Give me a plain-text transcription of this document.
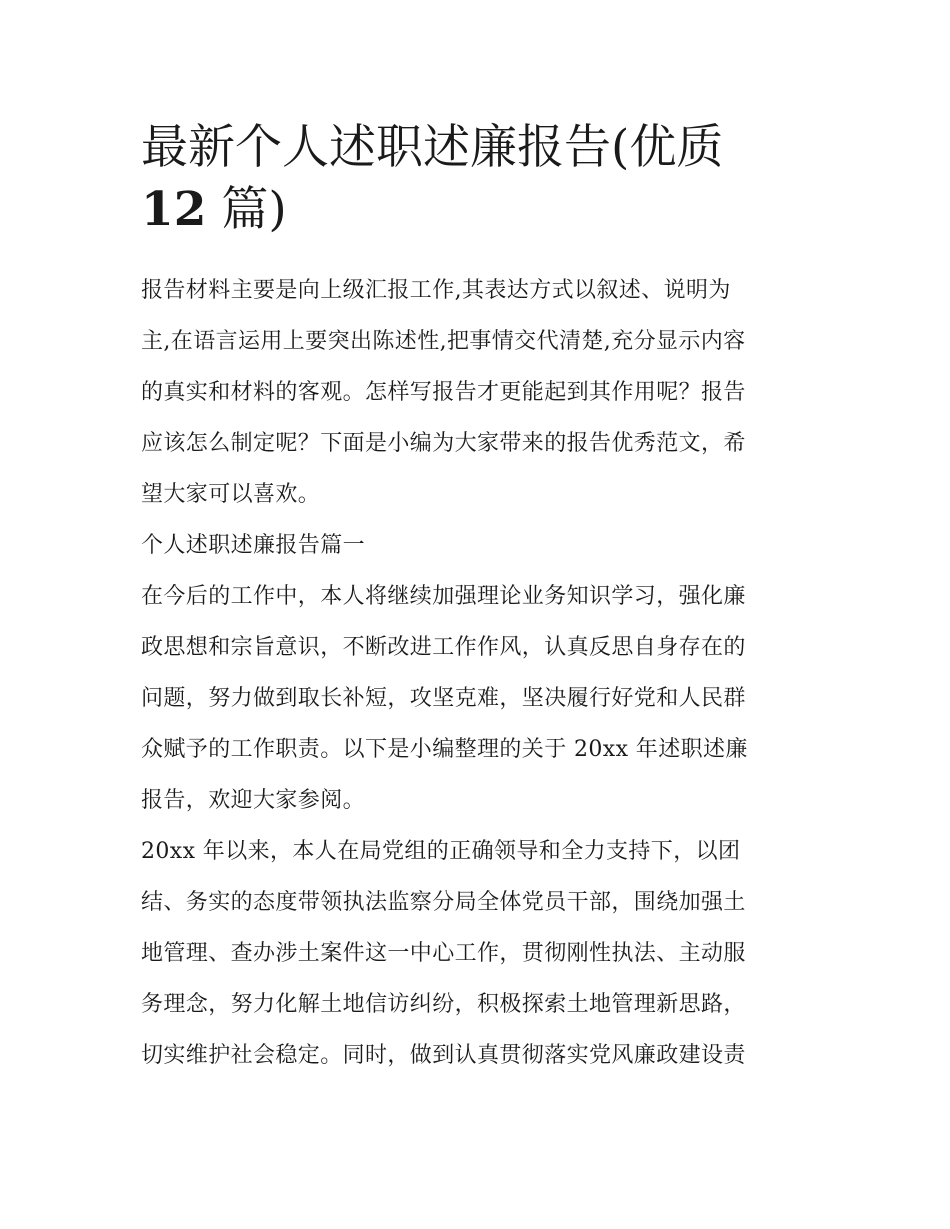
最新个人述职述廉报告(优质
12 篇)
报告材料主要是向上级汇报工作,其表达方式以叙述、说明为
主,在语言运用上要突出陈述性,把事情交代清楚,充分显示内容
的真实和材料的客观。怎样写报告才更能起到其作用呢？报告
应该怎么制定呢？下面是小编为大家带来的报告优秀范文，希
望大家可以喜欢。
个人述职述廉报告篇一
在今后的工作中，本人将继续加强理论业务知识学习，强化廉
政思想和宗旨意识，不断改进工作作风，认真反思自身存在的
问题，努力做到取长补短，攻坚克难，坚决履行好党和人民群
众赋予的工作职责。以下是小编整理的关于 20xx 年述职述廉
报告，欢迎大家参阅。
20xx 年以来，本人在局党组的正确领导和全力支持下，以团
结、务实的态度带领执法监察分局全体党员干部，围绕加强土
地管理、查办涉土案件这一中心工作，贯彻刚性执法、主动服
务理念，努力化解土地信访纠纷，积极探索土地管理新思路，
切实维护社会稳定。同时，做到认真贯彻落实党风廉政建设责
